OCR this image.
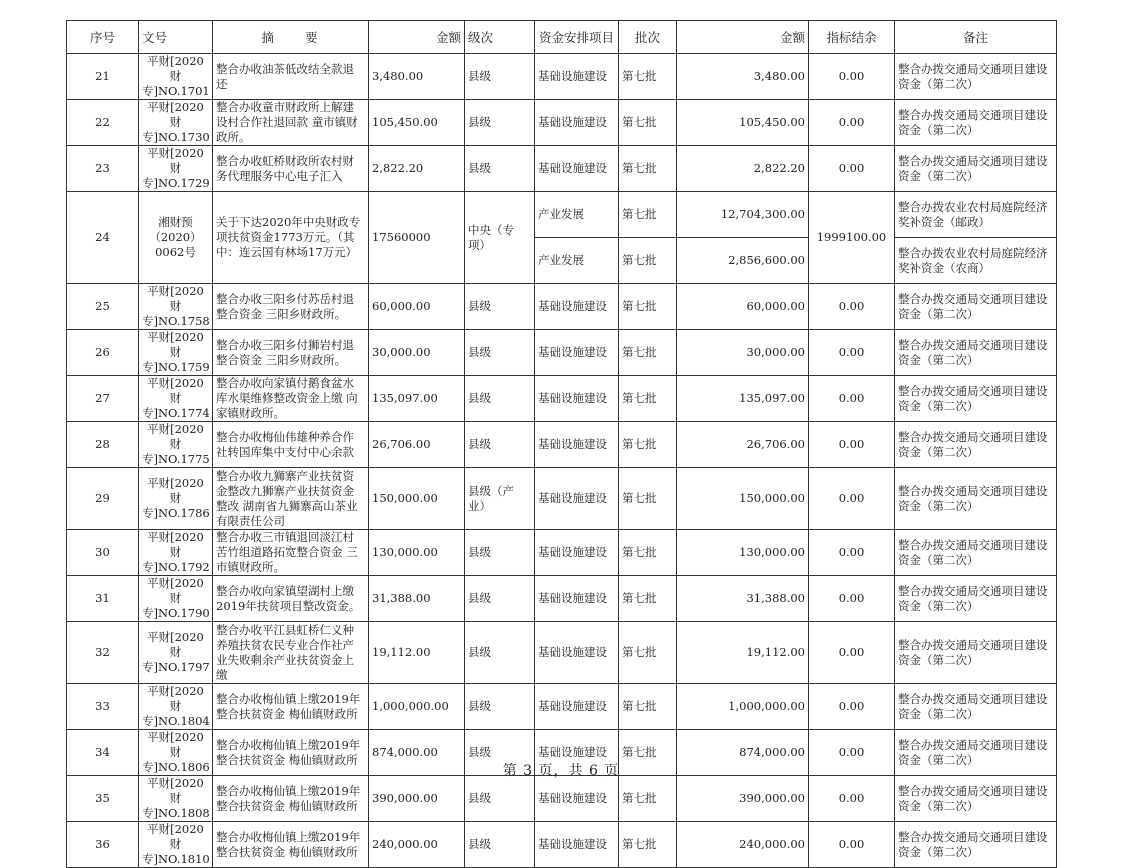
序号	文号	摘　　要	金额	级次	资金安排项目	批次	金额	指标结余	备注
21	平财[2020财专]NO.1701	整合办收油茶低改结全款退还	3,480.00	县级	基础设施建设	第七批	3,480.00	0.00	整合办拨交通局交通项目建设资金（第二次）
22	平财[2020财专]NO.1730	整合办收童市财政所上解建设村合作社退回款 童市镇财政所。	105,450.00	县级	基础设施建设	第七批	105,450.00	0.00	整合办拨交通局交通项目建设资金（第二次）
23	平财[2020财专]NO.1729	整合办收虹桥财政所农村财务代理服务中心电子汇入	2,822.20	县级	基础设施建设	第七批	2,822.20	0.00	整合办拨交通局交通项目建设资金（第二次）
24	湘财预（2020）0062号	关于下达2020年中央财政专项扶贫资金1773万元。（其中：连云国有林场17万元）	17560000	中央（专项）	产业发展	第七批	12,704,300.00	1999100.00	整合办拨农业农村局庭院经济奖补资金（邮政）
					产业发展	第七批	2,856,600.00		整合办拨农业农村局庭院经济奖补资金（农商）
25	平财[2020财专]NO.1758	整合办收三阳乡付苏岳村退整合资金 三阳乡财政所。	60,000.00	县级	基础设施建设	第七批	60,000.00	0.00	整合办拨交通局交通项目建设资金（第二次）
26	平财[2020财专]NO.1759	整合办收三阳乡付狮岩村退整合资金 三阳乡财政所。	30,000.00	县级	基础设施建设	第七批	30,000.00	0.00	整合办拨交通局交通项目建设资金（第二次）
27	平财[2020财专]NO.1774	整合办收向家镇付鹅食盆水库水渠维修整改资金上缴 向家镇财政所。	135,097.00	县级	基础设施建设	第七批	135,097.00	0.00	整合办拨交通局交通项目建设资金（第二次）
28	平财[2020财专]NO.1775	整合办收梅仙伟雄种养合作社转国库集中支付中心余款	26,706.00	县级	基础设施建设	第七批	26,706.00	0.00	整合办拨交通局交通项目建设资金（第二次）
29	平财[2020财专]NO.1786	整合办收九狮寨产业扶贫资金整改九狮寨产业扶贫资金整改 湖南省九狮寨高山茶业有限责任公司	150,000.00	县级（产业）	基础设施建设	第七批	150,000.00	0.00	整合办拨交通局交通项目建设资金（第二次）
30	平财[2020财专]NO.1792	整合办收三市镇退回淡江村苦竹组道路拓宽整合资金 三市镇财政所。	130,000.00	县级	基础设施建设	第七批	130,000.00	0.00	整合办拨交通局交通项目建设资金（第二次）
31	平财[2020财专]NO.1790	整合办收向家镇望湖村上缴2019年扶贫项目整改资金。	31,388.00	县级	基础设施建设	第七批	31,388.00	0.00	整合办拨交通局交通项目建设资金（第二次）
32	平财[2020财专]NO.1797	整合办收平江县虹桥仁义种养殖扶贫农民专业合作社产业失败剩余产业扶贫资金上缴	19,112.00	县级	基础设施建设	第七批	19,112.00	0.00	整合办拨交通局交通项目建设资金（第二次）
33	平财[2020财专]NO.1804	整合办收梅仙镇上缴2019年整合扶贫资金 梅仙镇财政所	1,000,000.00	县级	基础设施建设	第七批	1,000,000.00	0.00	整合办拨交通局交通项目建设资金（第二次）
34	平财[2020财专]NO.1806	整合办收梅仙镇上缴2019年整合扶贫资金 梅仙镇财政所	874,000.00	县级	基础设施建设	第七批	874,000.00	0.00	整合办拨交通局交通项目建设资金（第二次）
35	平财[2020财专]NO.1808	整合办收梅仙镇上缴2019年整合扶贫资金 梅仙镇财政所	390,000.00	县级	基础设施建设	第七批	390,000.00	0.00	整合办拨交通局交通项目建设资金（第二次）
36	平财[2020财专]NO.1810	整合办收梅仙镇上缴2019年整合扶贫资金 梅仙镇财政所	240,000.00	县级	基础设施建设	第七批	240,000.00	0.00	整合办拨交通局交通项目建设资金（第二次）
第 3 页，共 6 页
